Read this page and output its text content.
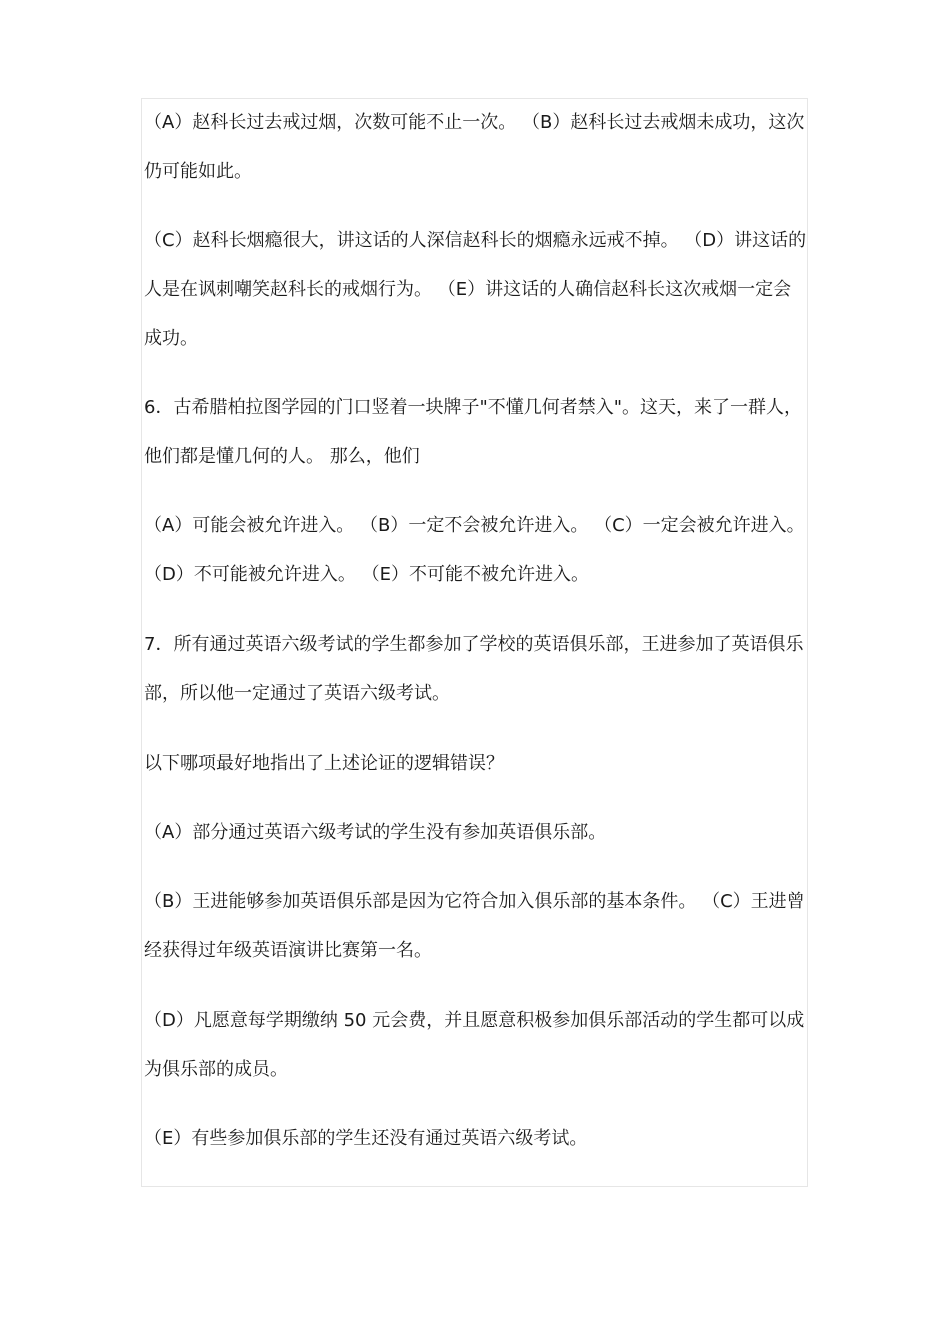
（A）赵科长过去戒过烟，次数可能不止一次。 （B）赵科长过去戒烟未成功，这次仍可能如此。

（C）赵科长烟瘾很大，讲这话的人深信赵科长的烟瘾永远戒不掉。 （D）讲这话的人是在讽刺嘲笑赵科长的戒烟行为。 （E）讲这话的人确信赵科长这次戒烟一定会成功。

6．古希腊柏拉图学园的门口竖着一块牌子"不懂几何者禁入"。这天，来了一群人，他们都是懂几何的人。 那么，他们

（A）可能会被允许进入。 （B）一定不会被允许进入。 （C）一定会被允许进入。 （D）不可能被允许进入。 （E）不可能不被允许进入。

7．所有通过英语六级考试的学生都参加了学校的英语俱乐部，王进参加了英语俱乐部，所以他一定通过了英语六级考试。

以下哪项最好地指出了上述论证的逻辑错误？

（A）部分通过英语六级考试的学生没有参加英语俱乐部。

（B）王进能够参加英语俱乐部是因为它符合加入俱乐部的基本条件。 （C）王进曾经获得过年级英语演讲比赛第一名。

（D）凡愿意每学期缴纳 50 元会费，并且愿意积极参加俱乐部活动的学生都可以成为俱乐部的成员。

（E）有些参加俱乐部的学生还没有通过英语六级考试。
